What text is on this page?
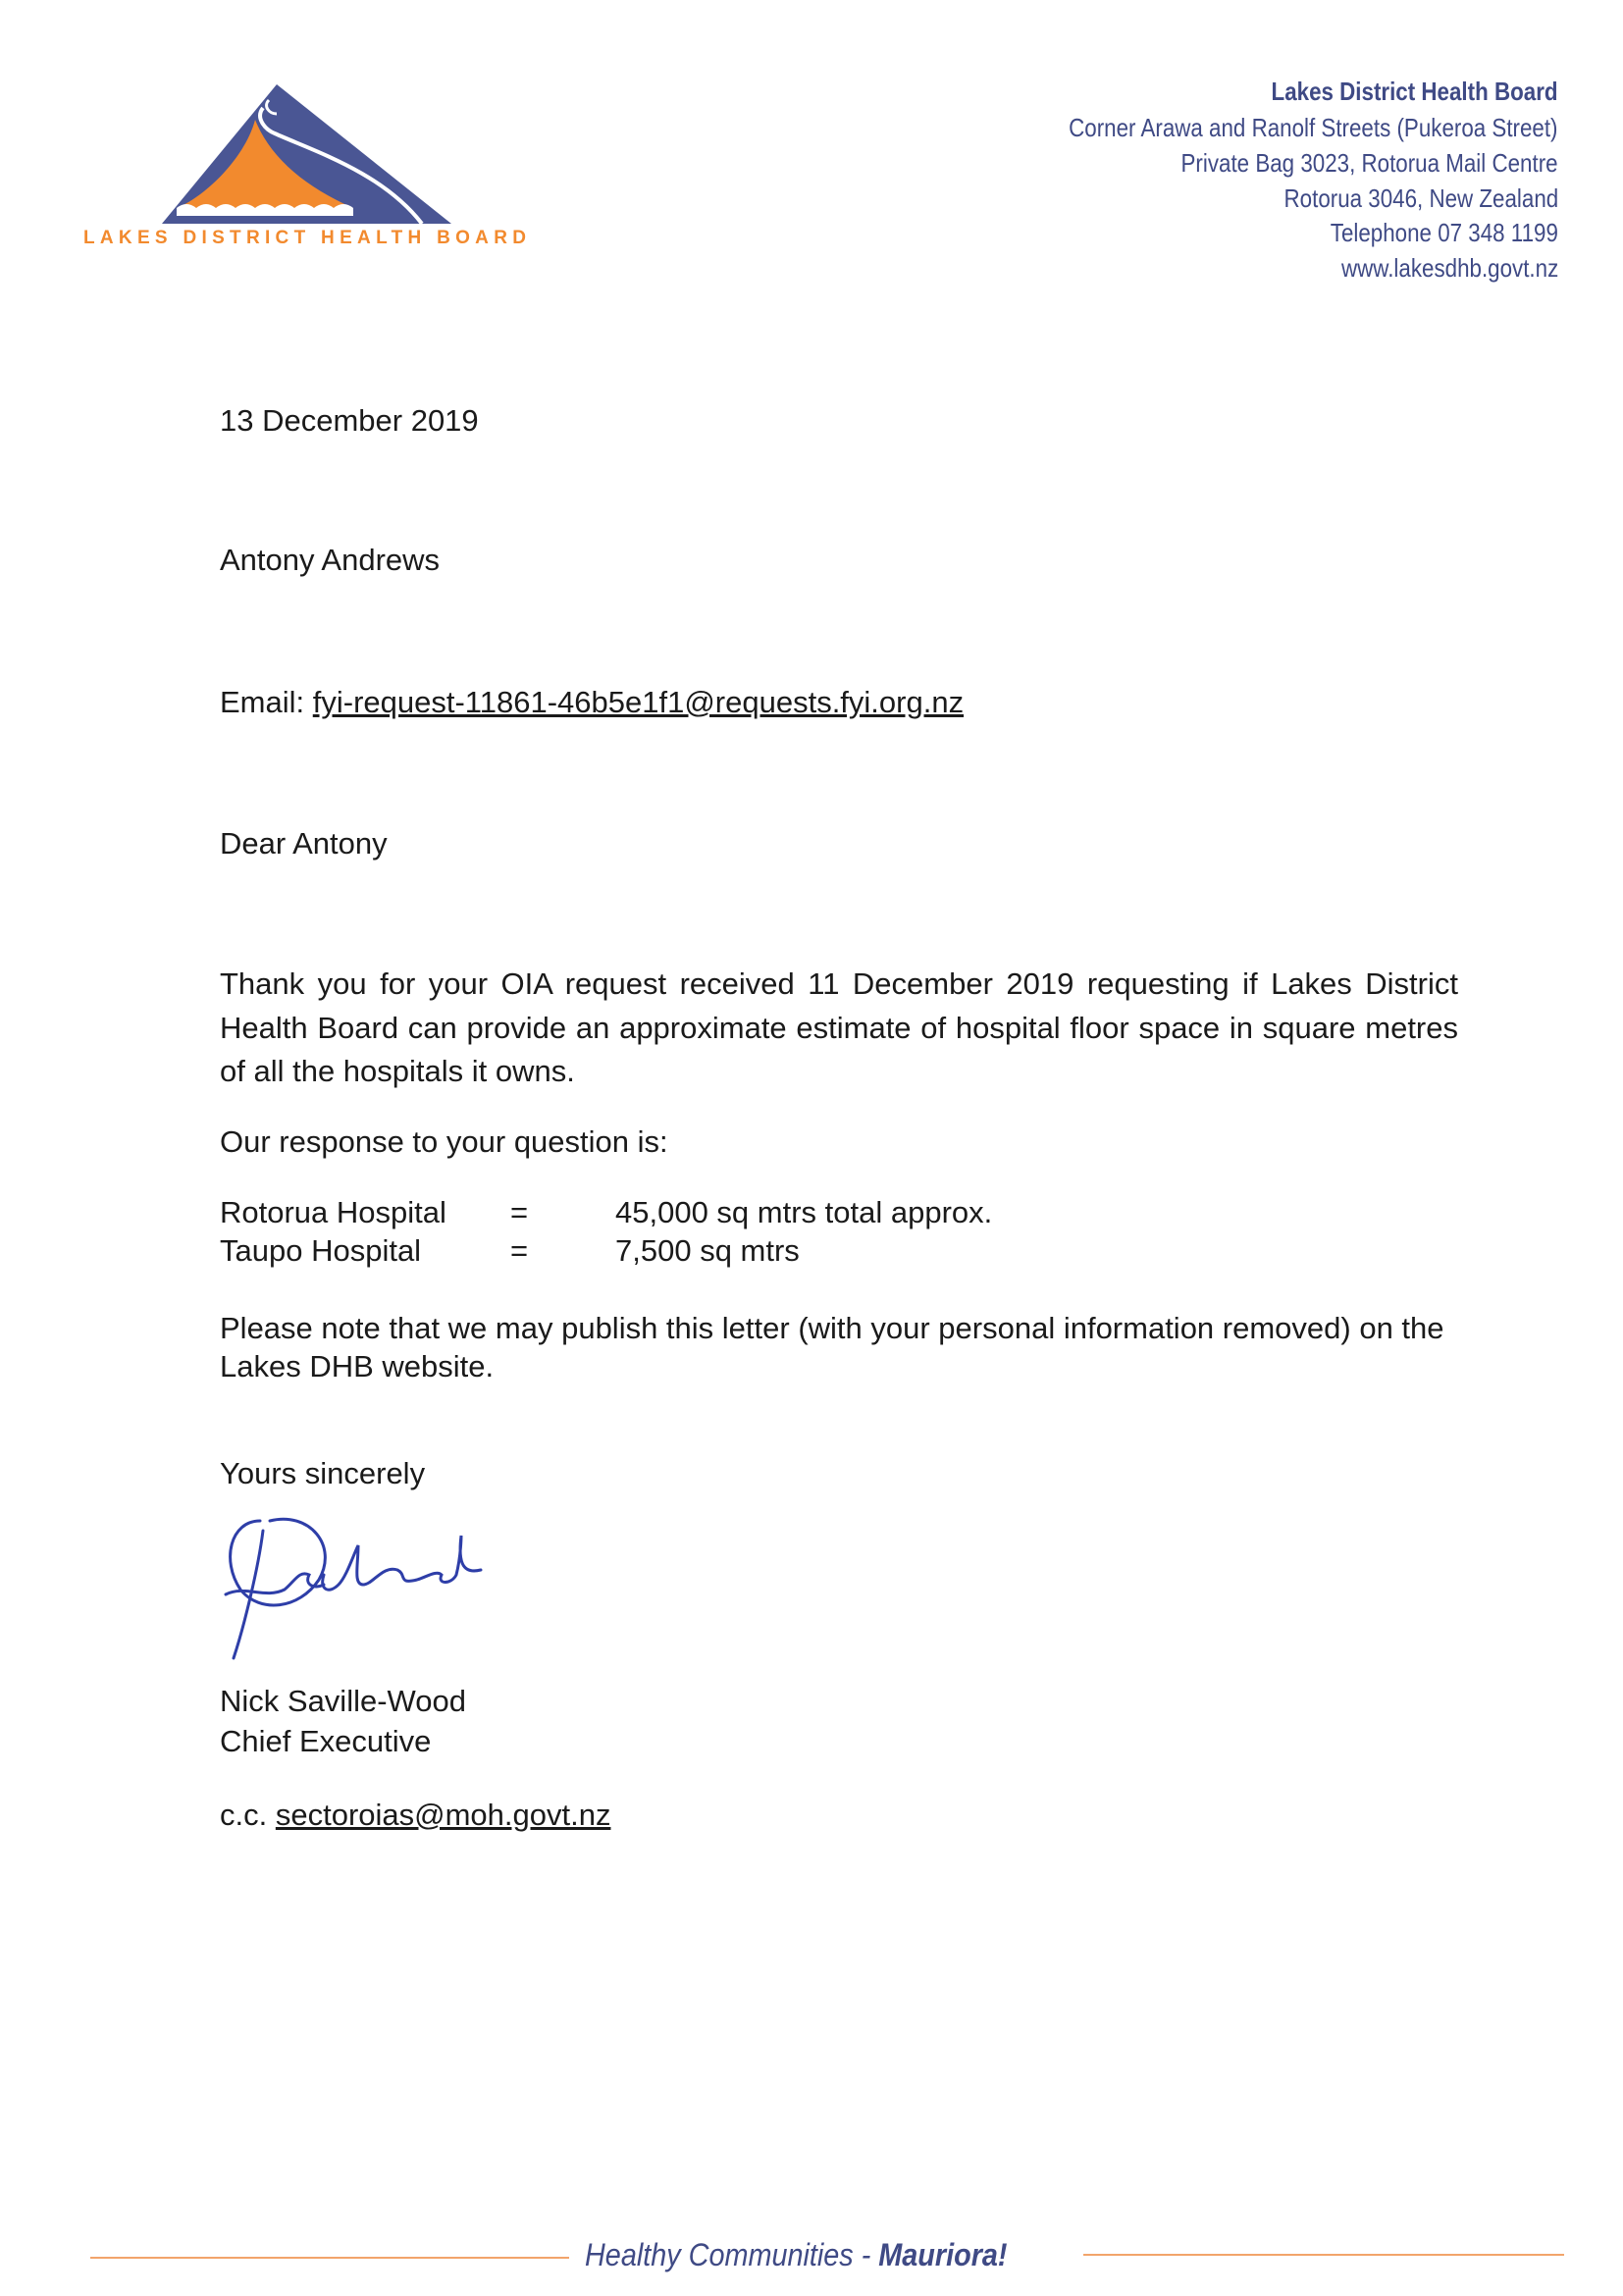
LAKES DISTRICT HEALTH BOARD
Lakes District Health Board
Corner Arawa and Ranolf Streets (Pukeroa Street)
Private Bag 3023, Rotorua Mail Centre
Rotorua 3046, New Zealand
Telephone 07 348 1199
www.lakesdhb.govt.nz
13 December 2019
Antony Andrews
Email: fyi-request-11861-46b5e1f1@requests.fyi.org.nz
Dear Antony
Thank you for your OIA request received 11 December 2019 requesting if Lakes District Health Board can provide an approximate estimate of hospital floor space in square metres of all the hospitals it owns.
Our response to your question is:
Rotorua Hospital =	45,000 sq mtrs total approx.
Taupo Hospital	=	7,500 sq mtrs
Please note that we may publish this letter (with your personal information removed) on the Lakes DHB website.
Yours sincerely
Nick Saville-Wood
Chief Executive
c.c. sectoroias@moh.govt.nz
Healthy Communities - Mauriora!
